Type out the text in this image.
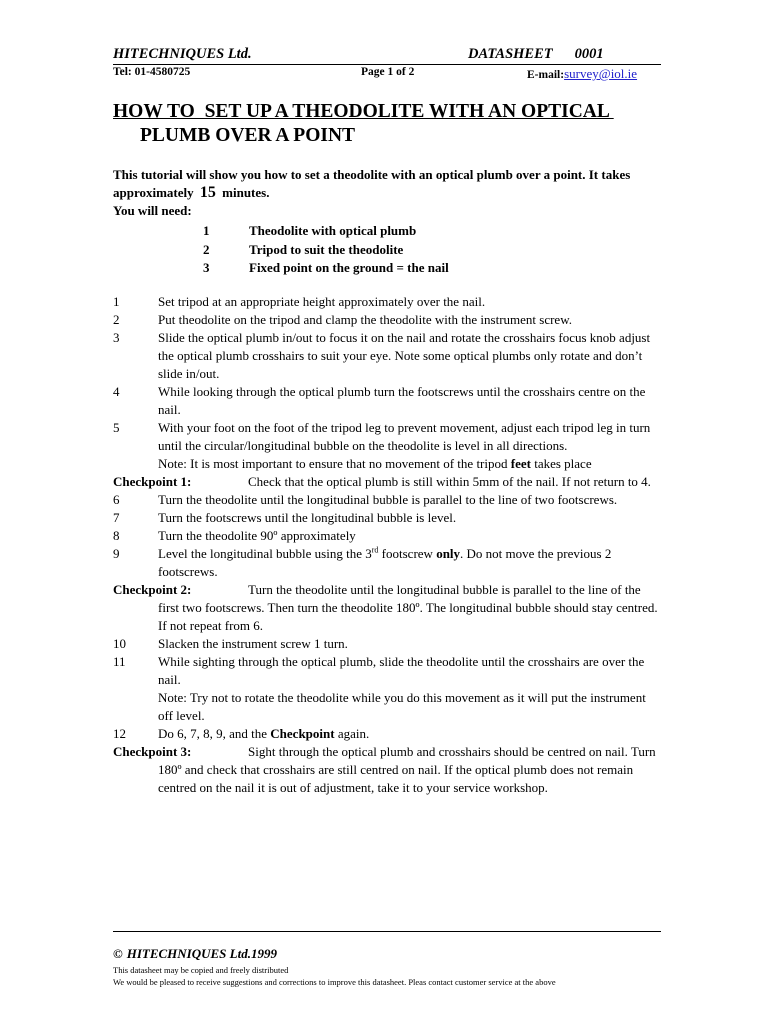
HITECHNIQUES Ltd.	DATASHEET 0001
Tel: 01-4580725	Page 1 of 2	E-mail:survey@iol.ie
HOW TO  SET UP A THEODOLITE WITH AN OPTICAL
PLUMB OVER A POINT
This tutorial will show you how to set a theodolite with an optical plumb over a point. It takes approximately 15 minutes.
You will need:
1	Theodolite with optical plumb
2	Tripod to suit the theodolite
3	Fixed point on the ground = the nail
1	Set tripod at an appropriate height approximately over the nail.
2	Put theodolite on the tripod and clamp the theodolite with the instrument screw.
3	Slide the optical plumb in/out to focus it on the nail and rotate the crosshairs focus knob adjust the optical plumb crosshairs to suit your eye. Note some optical plumbs only rotate and don’t slide in/out.
4	While looking through the optical plumb turn the footscrews until the crosshairs centre on the nail.
5	With your foot on the foot of the tripod leg to prevent movement, adjust each tripod leg in turn until the circular/longitudinal bubble on the theodolite is level in all directions.
Note: It is most important to ensure that no movement of the tripod feet takes place
Checkpoint 1:	Check that the optical plumb is still within 5mm of the nail. If not return to 4.
6	Turn the theodolite until the longitudinal bubble is parallel to the line of two footscrews.
7	Turn the footscrews until the longitudinal bubble is level.
8	Turn the theodolite 90º approximately
9	Level the longitudinal bubble using the 3rd footscrew only. Do not move the previous 2 footscrews.
Checkpoint 2:	Turn the theodolite until the longitudinal bubble is parallel to the line of the first two footscrews. Then turn the theodolite 180º. The longitudinal bubble should stay centred. If not repeat from 6.
10 Slacken the instrument screw 1 turn.
11 While sighting through the optical plumb, slide the theodolite until the crosshairs are over the nail.
Note: Try not to rotate the theodolite while you do this movement as it will put the instrument off level.
12 Do 6, 7, 8, 9, and the Checkpoint again.
Checkpoint 3:	Sight through the optical plumb and crosshairs should be centred on nail. Turn 180º and check that crosshairs are still centred on nail. If the optical plumb does not remain centred on the nail it is out of adjustment, take it to your service workshop.
© HITECHNIQUES Ltd.1999
This datasheet may be copied and freely distributed
We would be pleased to receive suggestions and corrections to improve this datasheet. Pleas contact customer service at the above
